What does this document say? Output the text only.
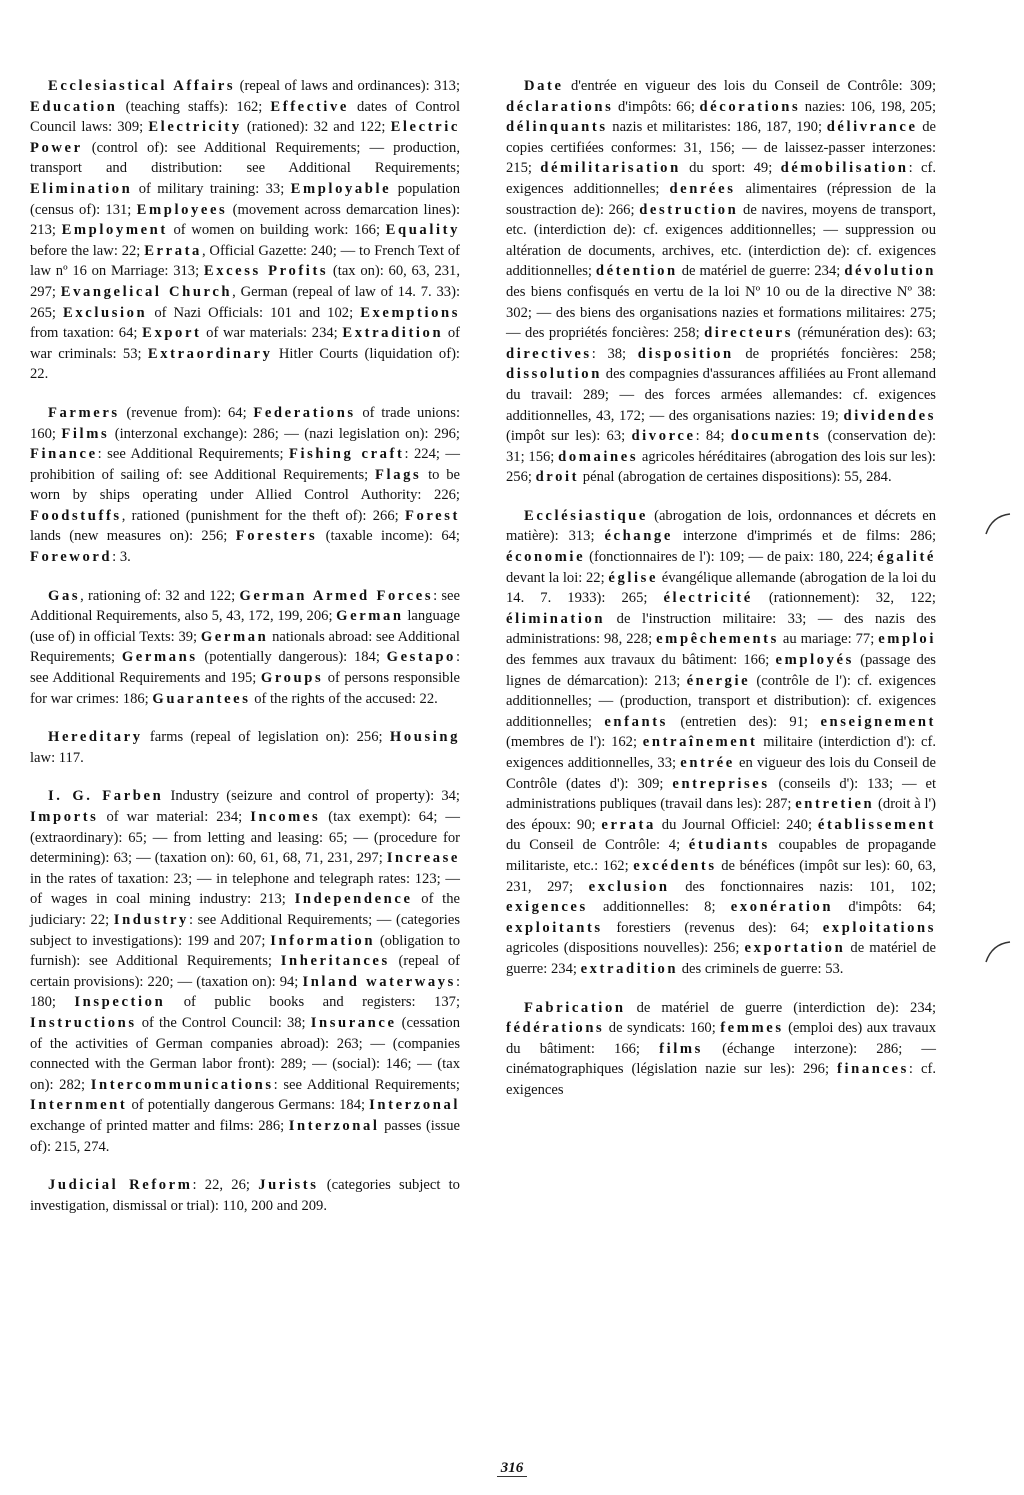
Ecclesiastical Affairs (repeal of laws and ordinances): 313; Education (teaching staffs): 162; Effective dates of Control Council laws: 309; Electricity (rationed): 32 and 122; Electric Power (control of): see Additional Requirements; — production, transport and distribution: see Additional Requirements; Elimination of military training: 33; Employable population (census of): 131; Employees (movement across demarcation lines): 213; Employment of women on building work: 166; Equality before the law: 22; Errata, Official Gazette: 240; — to French Text of law nº 16 on Marriage: 313; Excess Profits (tax on): 60, 63, 231, 297; Evangelical Church, German (repeal of law of 14. 7. 33): 265; Exclusion of Nazi Officials: 101 and 102; Exemptions from taxation: 64; Export of war materials: 234; Extradition of war criminals: 53; Extraordinary Hitler Courts (liquidation of): 22.

Farmers (revenue from): 64; Federations of trade unions: 160; Films (interzonal exchange): 286; — (nazi legislation on): 296; Finance: see Additional Requirements; Fishing craft: 224; — prohibition of sailing of: see Additional Requirements; Flags to be worn by ships operating under Allied Control Authority: 226; Foodstuffs, rationed (punishment for the theft of): 266; Forest lands (new measures on): 256; Foresters (taxable income): 64; Foreword: 3.

Gas, rationing of: 32 and 122; German Armed Forces: see Additional Requirements, also 5, 43, 172, 199, 206; German language (use of) in official Texts: 39; German nationals abroad: see Additional Requirements; Germans (potentially dangerous): 184; Gestapo: see Additional Requirements and 195; Groups of persons responsible for war crimes: 186; Guarantees of the rights of the accused: 22.

Hereditary farms (repeal of legislation on): 256; Housing law: 117.

I. G. Farben Industry (seizure and control of property): 34; Imports of war material: 234; Incomes (tax exempt): 64; — (extraordinary): 65; — from letting and leasing: 65; — (procedure for determining): 63; — (taxation on): 60, 61, 68, 71, 231, 297; Increase in the rates of taxation: 23; — in telephone and telegraph rates: 123; — of wages in coal mining industry: 213; Independence of the judiciary: 22; Industry: see Additional Requirements; — (categories subject to investigations): 199 and 207; Information (obligation to furnish): see Additional Requirements; Inheritances (repeal of certain provisions): 220; — (taxation on): 94; Inland waterways: 180; Inspection of public books and registers: 137; Instructions of the Control Council: 38; Insurance (cessation of the activities of German companies abroad): 263; — (companies connected with the German labor front): 289; — (social): 146; — (tax on): 282; Intercommunications: see Additional Requirements; Internment of potentially dangerous Germans: 184; Interzonal exchange of printed matter and films: 286; Interzonal passes (issue of): 215, 274.

Judicial Reform: 22, 26; Jurists (categories subject to investigation, dismissal or trial): 110, 200 and 209.

Date d'entrée en vigueur des lois du Conseil de Contrôle: 309; déclarations d'impôts: 66; décorations nazies: 106, 198, 205; délinquants nazis et militaristes: 186, 187, 190; délivrance de copies certifiées conformes: 31, 156; — de laissez-passer interzones: 215; démilitarisation du sport: 49; démobilisation: cf. exigences additionnelles; denrées alimentaires (répression de la soustraction de): 266; destruction de navires, moyens de transport, etc. (interdiction de): cf. exigences additionnelles; — suppression ou altération de documents, archives, etc. (interdiction de): cf. exigences additionnelles; détention de matériel de guerre: 234; dévolution des biens confisqués en vertu de la loi Nº 10 ou de la directive Nº 38: 302; — des biens des organisations nazies et formations militaires: 275; — des propriétés foncières: 258; directeurs (rémunération des): 63; directives: 38; disposition de propriétés foncières: 258; dissolution des compagnies d'assurances affiliées au Front allemand du travail: 289; — des forces armées allemandes: cf. exigences additionnelles, 43, 172; — des organisations nazies: 19; dividendes (impôt sur les): 63; divorce: 84; documents (conservation de): 31; 156; domaines agricoles héréditaires (abrogation des lois sur les): 256; droit pénal (abrogation de certaines dispositions): 55, 284.

Ecclésiastique (abrogation de lois, ordonnances et décrets en matière): 313; échange interzone d'imprimés et de films: 286; économie (fonctionnaires de l'): 109; — de paix: 180, 224; égalité devant la loi: 22; église évangélique allemande (abrogation de la loi du 14. 7. 1933): 265; électricité (rationnement): 32, 122; élimination de l'instruction militaire: 33; — des nazis des administrations: 98, 228; empêchements au mariage: 77; emploi des femmes aux travaux du bâtiment: 166; employés (passage des lignes de démarcation): 213; énergie (contrôle de l'): cf. exigences additionnelles; — (production, transport et distribution): cf. exigences additionnelles; enfants (entretien des): 91; enseignement (membres de l'): 162; entraînement militaire (interdiction d'): cf. exigences additionnelles, 33; entrée en vigueur des lois du Conseil de Contrôle (dates d'): 309; entreprises (conseils d'): 133; — et administrations publiques (travail dans les): 287; entretien (droit à l') des époux: 90; errata du Journal Officiel: 240; établissement du Conseil de Contrôle: 4; étudiants coupables de propagande militariste, etc.: 162; excédents de bénéfices (impôt sur les): 60, 63, 231, 297; exclusion des fonctionnaires nazis: 101, 102; exigences additionnelles: 8; exonération d'impôts: 64; exploitants forestiers (revenus des): 64; exploitations agricoles (dispositions nouvelles): 256; exportation de matériel de guerre: 234; extradition des criminels de guerre: 53.

Fabrication de matériel de guerre (interdiction de): 234; fédérations de syndicats: 160; femmes (emploi des) aux travaux du bâtiment: 166; films (échange interzone): 286; — cinématographiques (législation nazie sur les): 296; finances: cf. exigences

316
